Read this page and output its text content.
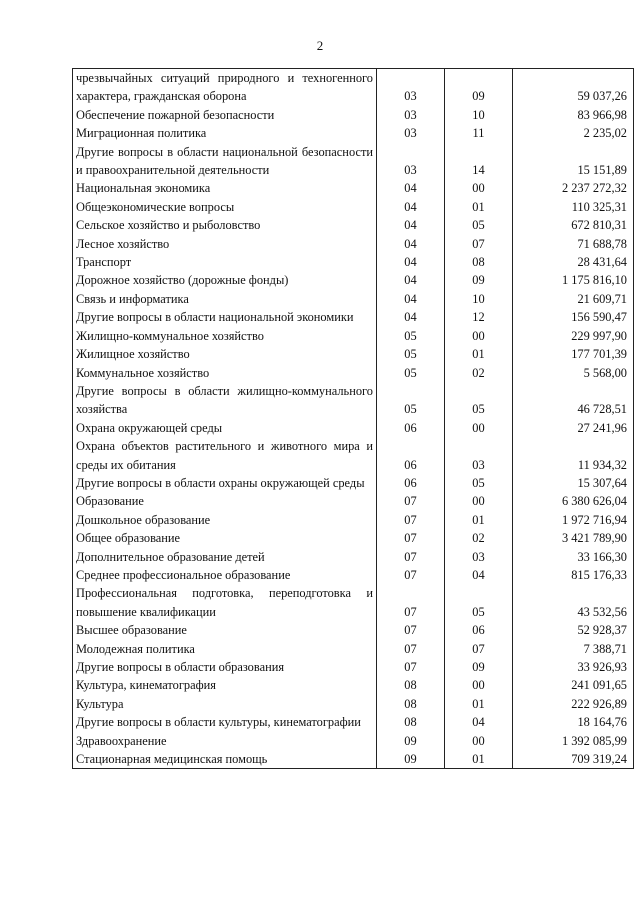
2
чрезвычайных ситуаций природного и техногенного характера, гражданская оборона	03	09	59 037,26
Обеспечение пожарной безопасности	03	10	83 966,98
Миграционная политика	03	11	2 235,02
Другие вопросы в области национальной безопасности и правоохранительной деятельности	03	14	15 151,89
Национальная экономика	04	00	2 237 272,32
Общеэкономические вопросы	04	01	110 325,31
Сельское хозяйство и рыболовство	04	05	672 810,31
Лесное хозяйство	04	07	71 688,78
Транспорт	04	08	28 431,64
Дорожное хозяйство (дорожные фонды)	04	09	1 175 816,10
Связь и информатика	04	10	21 609,71
Другие вопросы в области национальной экономики	04	12	156 590,47
Жилищно-коммунальное хозяйство	05	00	229 997,90
Жилищное хозяйство	05	01	177 701,39
Коммунальное хозяйство	05	02	5 568,00
Другие вопросы в области жилищно-коммунального хозяйства	05	05	46 728,51
Охрана окружающей среды	06	00	27 241,96
Охрана объектов растительного и животного мира и среды их обитания	06	03	11 934,32
Другие вопросы в области охраны окружающей среды	06	05	15 307,64
Образование	07	00	6 380 626,04
Дошкольное образование	07	01	1 972 716,94
Общее образование	07	02	3 421 789,90
Дополнительное образование детей	07	03	33 166,30
Среднее профессиональное образование	07	04	815 176,33
Профессиональная подготовка, переподготовка и повышение квалификации	07	05	43 532,56
Высшее образование	07	06	52 928,37
Молодежная политика	07	07	7 388,71
Другие вопросы в области образования	07	09	33 926,93
Культура, кинематография	08	00	241 091,65
Культура	08	01	222 926,89
Другие вопросы в области культуры, кинематографии	08	04	18 164,76
Здравоохранение	09	00	1 392 085,99
Стационарная медицинская помощь	09	01	709 319,24
